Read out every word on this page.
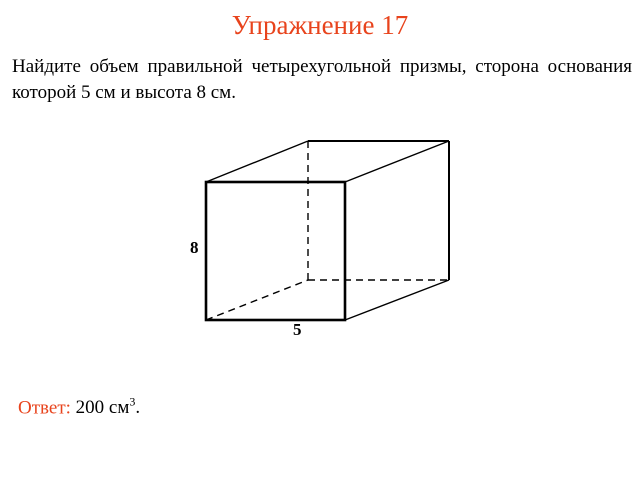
Упражнение 17
Найдите объем правильной четырехугольной призмы, сторона основания которой 5 см и высота 8 см.
8
5
Ответ: 200 $см^3$.
